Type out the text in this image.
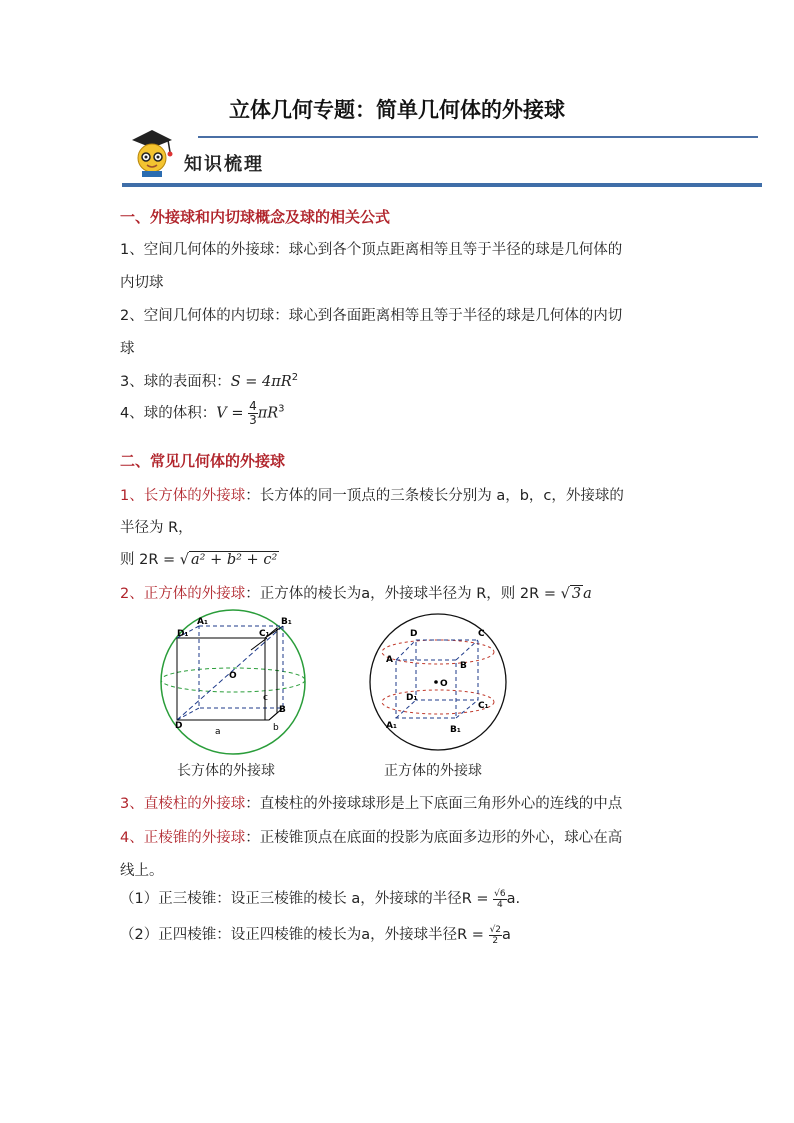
立体几何专题：简单几何体的外接球
知识梳理
一、外接球和内切球概念及球的相关公式
1、空间几何体的外接球：球心到各个顶点距离相等且等于半径的球是几何体的
内切球
2、空间几何体的内切球：球心到各面距离相等且等于半径的球是几何体的内切
球
3、球的表面积：$S = 4\pi R^2$
4、球的体积：$V = \frac{4}{3} \pi R^3$
二、常见几何体的外接球
1、长方体的外接球：长方体的同一顶点的三条棱长分别为 a，b，c，外接球的
半径为 R，
则 2R = √ a² + b² + c²
2、正方体的外接球：正方体的棱长为a，外接球半径为 R，则 2R = √ 3 a
D₁
A₁
C₁
B₁
O
c
B
D	b
a
长方体的外接球
D	C
A
B
O
D₁
C₁
A₁	B₁
正方体的外接球
3、直棱柱的外接球：直棱柱的外接球球形是上下底面三角形外心的连线的中点
4、正棱锥的外接球：正棱锥顶点在底面的投影为底面多边形的外心，球心在高
线上。
（1）正三棱锥：设正三棱锥的棱长 a，外接球的半径$R = \frac{√6}{4} a$.
（2）正四棱锥：设正四棱锥的棱长为a，外接球半径$R = \frac{√2}{2}$ a
